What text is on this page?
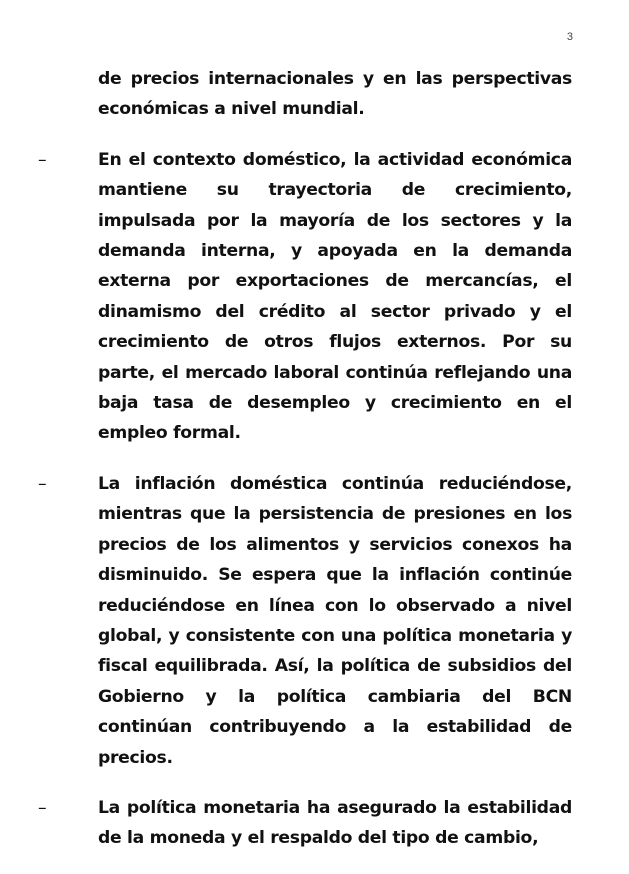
3

de precios internacionales y en las perspectivas económicas a nivel mundial.

–	En el contexto doméstico, la actividad económica mantiene su trayectoria de crecimiento, impulsada por la mayoría de los sectores y la demanda interna, y apoyada en la demanda externa por exportaciones de mercancías, el dinamismo del crédito al sector privado y el crecimiento de otros flujos externos. Por su parte, el mercado laboral continúa reflejando una baja tasa de desempleo y crecimiento en el empleo formal.

–	La inflación doméstica continúa reduciéndose, mientras que la persistencia de presiones en los precios de los alimentos y servicios conexos ha disminuido. Se espera que la inflación continúe reduciéndose en línea con lo observado a nivel global, y consistente con una política monetaria y fiscal equilibrada. Así, la política de subsidios del Gobierno y la política cambiaria del BCN continúan contribuyendo a la estabilidad de precios.

–	La política monetaria ha asegurado la estabilidad de la moneda y el respaldo del tipo de cambio,
